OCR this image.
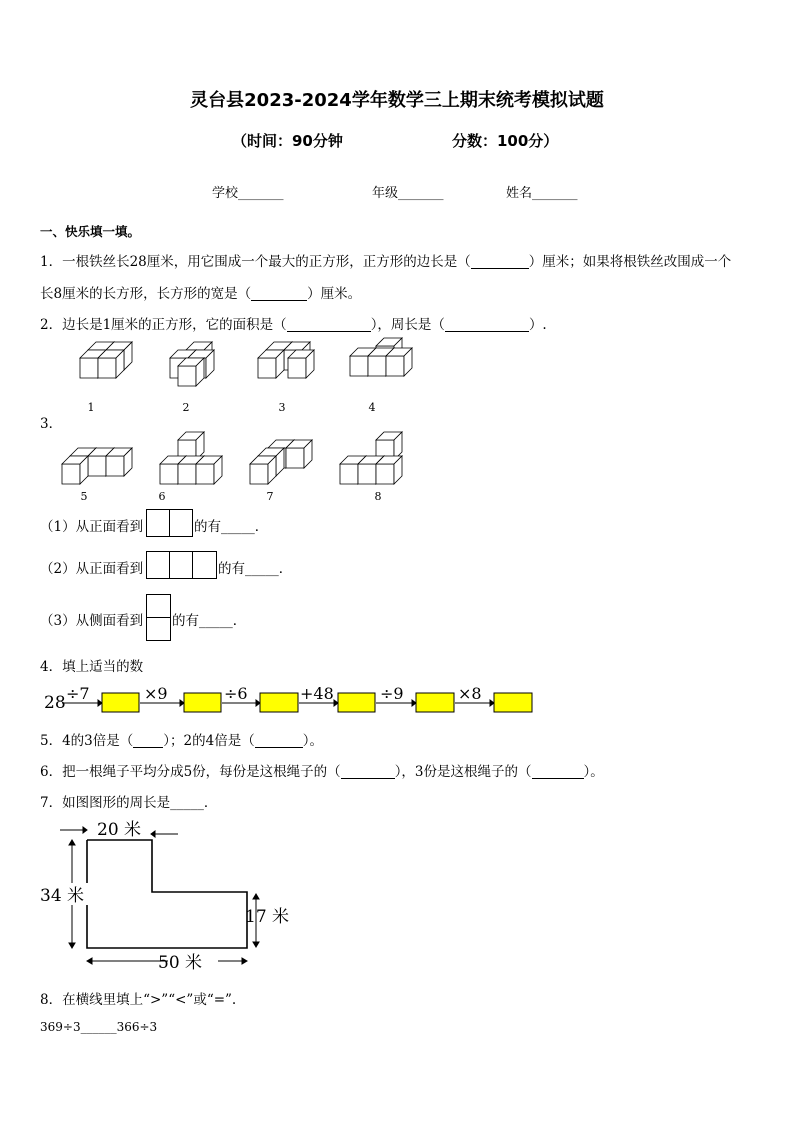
灵台县2023-2024学年数学三上期末统考模拟试题
（时间：90分钟	分数：100分）
学校_______	年级_______	姓名_______
一、快乐填一填。
1．一根铁丝长28厘米，用它围成一个最大的正方形，正方形的边长是（	）厘米；如果将根铁丝改围成一个
长8厘米的长方形，长方形的宽是（	）厘米。
2．边长是1厘米的正方形，它的面积是（	），周长是（	）.
3．
1	2	3	4
5	6	7	8
（1）从正面看到	的有_____．
（2）从正面看到	的有_____．
（3）从侧面看到 的有_____．
4．填上适当的数
28 ÷7	×9	÷6	+48	÷9	×8
5．4的3倍是（ ）；2的4倍是（	）。
6．把一根绳子平均分成5份，每份是这根绳子的（	），3份是这根绳子的（	）。
7．如图图形的周长是_____．
20 米
34 米
17 米
50 米
8．在横线里填上“>”“<”或“=”.
369÷3______366÷3
